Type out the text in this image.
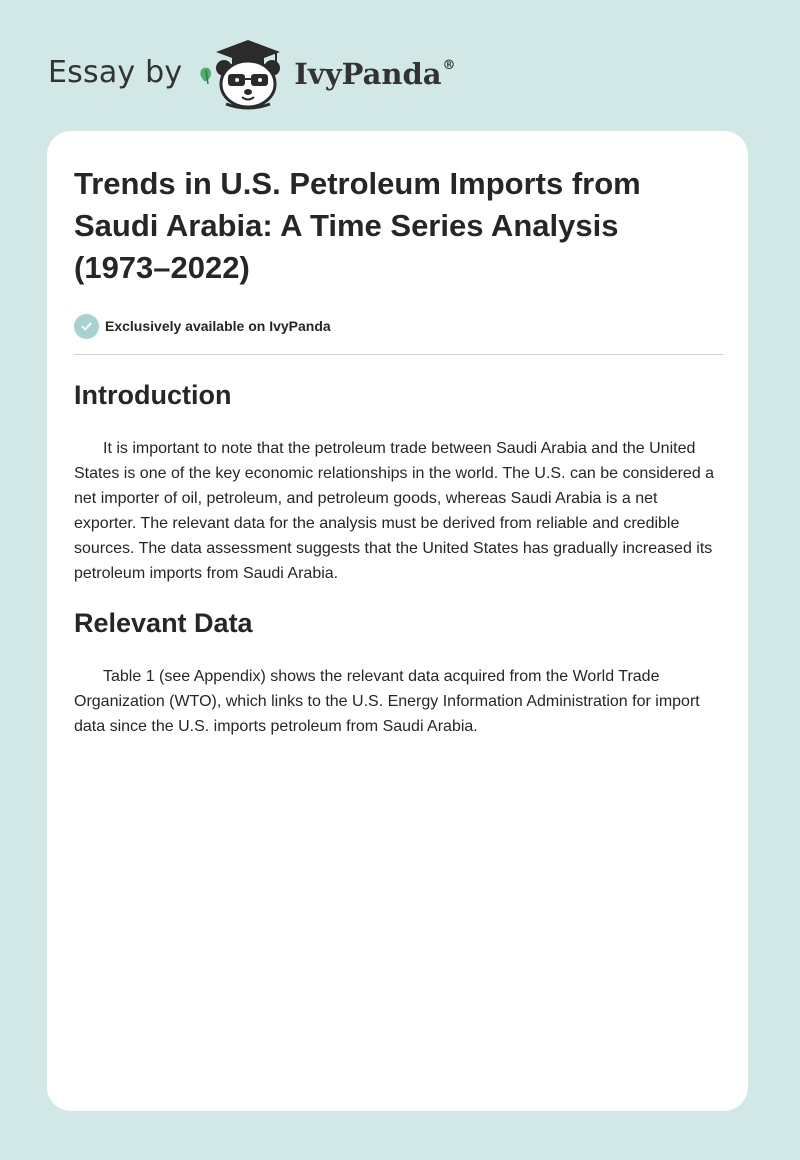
Essay by	IvyPanda®
Trends in U.S. Petroleum Imports from Saudi Arabia: A Time Series Analysis (1973–2022)
Exclusively available on IvyPanda
Introduction

It is important to note that the petroleum trade between Saudi Arabia and the United States is one of the key economic relationships in the world. The U.S. can be considered a net importer of oil, petroleum, and petroleum goods, whereas Saudi Arabia is a net exporter. The relevant data for the analysis must be derived from reliable and credible sources. The data assessment suggests that the United States has gradually increased its petroleum imports from Saudi Arabia.

Relevant Data

Table 1 (see Appendix) shows the relevant data acquired from the World Trade Organization (WTO), which links to the U.S. Energy Information Administration for import data since the U.S. imports petroleum from Saudi Arabia.
